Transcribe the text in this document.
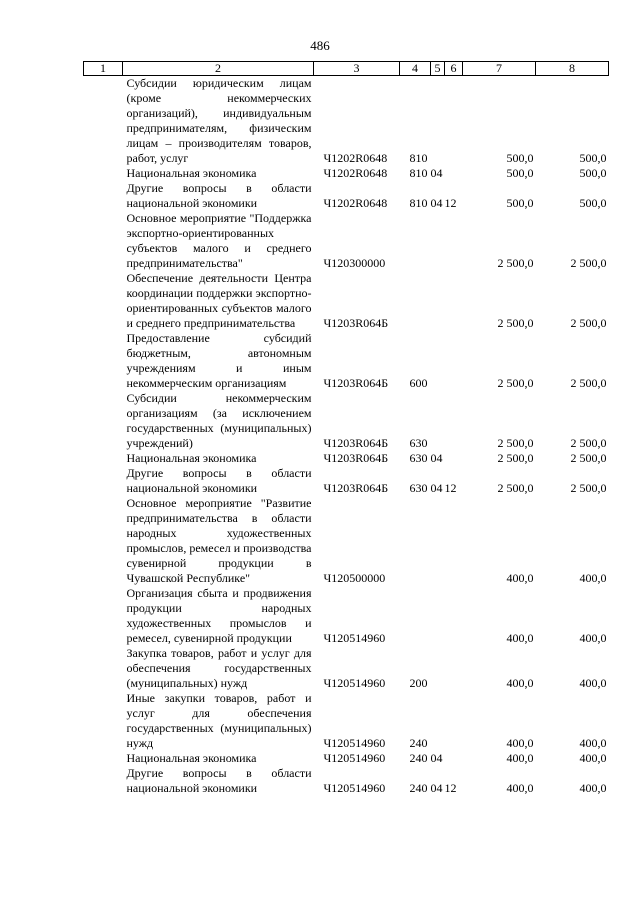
486
1	2	3	4	5	6	7	8
	Субсидии юридическим лицам (кроме некоммерческих организаций), индивидуальным предпринимателям, физическим лицам – производителям товаров, работ, услуг	Ч1202R0648	810			500,0	500,0
	Национальная экономика	Ч1202R0648	810	04		500,0	500,0
	Другие вопросы в области национальной экономики	Ч1202R0648	810	04	12	500,0	500,0
	Основное мероприятие "Поддержка экспортно-ориентированных субъектов малого и среднего предпринимательства"	Ч120300000				2 500,0	2 500,0
	Обеспечение деятельности Центра координации поддержки экспортно-ориентированных субъектов малого и среднего предпринимательства	Ч1203R064Б				2 500,0	2 500,0
	Предоставление субсидий бюджетным, автономным учреждениям и иным некоммерческим организациям	Ч1203R064Б	600			2 500,0	2 500,0
	Субсидии некоммерческим организациям (за исключением государственных (муниципальных) учреждений)	Ч1203R064Б	630			2 500,0	2 500,0
	Национальная экономика	Ч1203R064Б	630	04		2 500,0	2 500,0
	Другие вопросы в области национальной экономики	Ч1203R064Б	630	04	12	2 500,0	2 500,0
	Основное мероприятие "Развитие предпринимательства в области народных художественных промыслов, ремесел и производства сувенирной продукции в Чувашской Республике"	Ч120500000				400,0	400,0
	Организация сбыта и продвижения продукции народных художественных промыслов и ремесел, сувенирной продукции	Ч120514960				400,0	400,0
	Закупка товаров, работ и услуг для обеспечения государственных (муниципальных) нужд	Ч120514960	200			400,0	400,0
	Иные закупки товаров, работ и услуг для обеспечения государственных (муниципальных) нужд	Ч120514960	240			400,0	400,0
	Национальная экономика	Ч120514960	240	04		400,0	400,0
	Другие вопросы в области национальной экономики	Ч120514960	240	04	12	400,0	400,0
